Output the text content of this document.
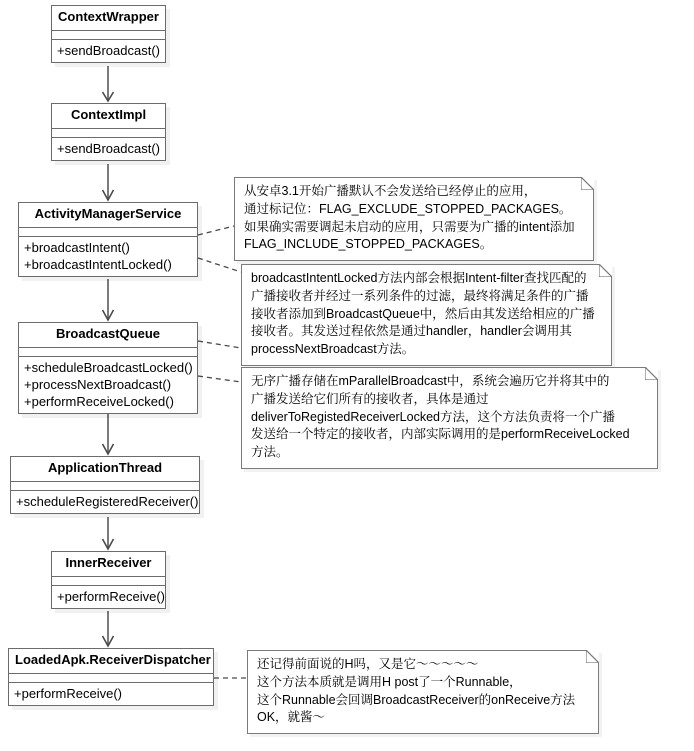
ContextWrapper
+sendBroadcast()
ContextImpl
+sendBroadcast()
ActivityManagerService
+broadcastIntent()
+broadcastIntentLocked()
BroadcastQueue
+scheduleBroadcastLocked()
+processNextBroadcast()
+performReceiveLocked()
ApplicationThread
+scheduleRegisteredReceiver()
InnerReceiver
+performReceive()
LoadedApk.ReceiverDispatcher
+performReceive()
从安卓3.1开始广播默认不会发送给已经停止的应用，
通过标记位：FLAG_EXCLUDE_STOPPED_PACKAGES。
如果确实需要调起未启动的应用，只需要为广播的intent添加
FLAG_INCLUDE_STOPPED_PACKAGES。
broadcastIntentLocked方法内部会根据Intent-filter查找匹配的
广播接收者并经过一系列条件的过滤，最终将满足条件的广播
接收者添加到BroadcastQueue中，然后由其发送给相应的广播
接收者。其发送过程依然是通过handler，handler会调用其
processNextBroadcast方法。
无序广播存储在mParallelBroadcast中，系统会遍历它并将其中的
广播发送给它们所有的接收者，具体是通过
deliverToRegistedReceiverLocked方法，这个方法负责将一个广播
发送给一个特定的接收者，内部实际调用的是performReceiveLocked
方法。
还记得前面说的H吗，又是它～～～～～
这个方法本质就是调用H post了一个Runnable，
这个Runnable会回调BroadcastReceiver的onReceive方法
OK，就酱～
